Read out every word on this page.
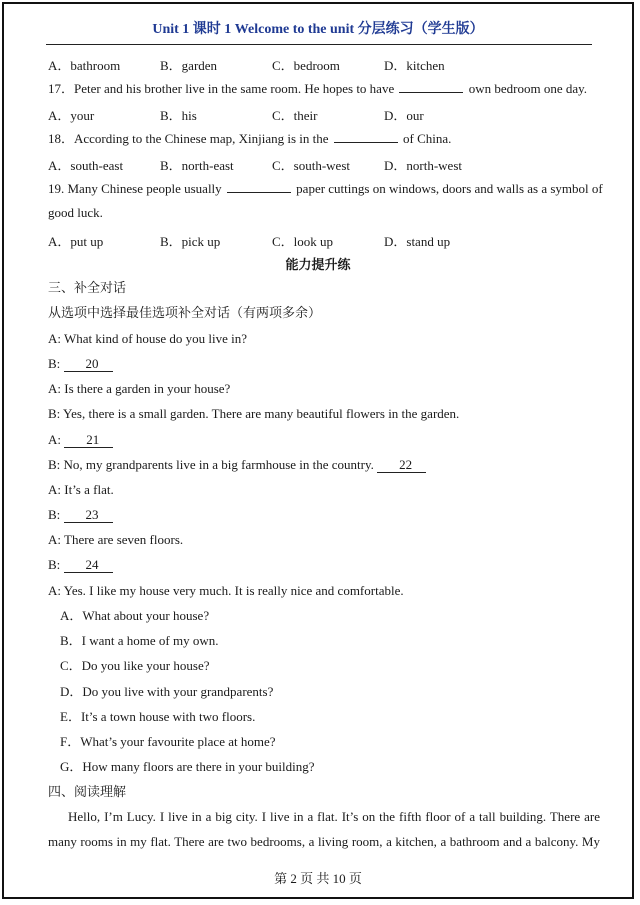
Unit 1 课时 1 Welcome to the unit 分层练习（学生版）
A．bathroom	B．garden	C．bedroom	D．kitchen
17．Peter and his brother live in the same room. He hopes to have	own bedroom one day.
A．your	B．his	C．their	D．our
18．According to the Chinese map, Xinjiang is in the	of China.
A．south-east	B．north-east	C．south-west	D．north-west
19. Many Chinese people usually	paper cuttings on windows, doors and walls as a symbol of
good luck.
A．put up	B．pick up	C．look up	D．stand up
能力提升练
三、补全对话
从选项中选择最佳选项补全对话（有两项多余）
A: What kind of house do you live in?
B: 20
A: Is there a garden in your house?
B: Yes, there is a small garden. There are many beautiful flowers in the garden.
A: 21
B: No, my grandparents live in a big farmhouse in the country. 22
A: It’s a flat.
B: 23
A: There are seven floors.
B: 24
A: Yes. I like my house very much. It is really nice and comfortable.
A．What about your house?
B．I want a home of my own.
C．Do you like your house?
D．Do you live with your grandparents?
E．It’s a town house with two floors.
F．What’s your favourite place at home?
G．How many floors are there in your building?
四、阅读理解
Hello, I’m Lucy. I live in a big city. I live in a flat. It’s on the fifth floor of a tall building. There are many rooms in my flat. There are two bedrooms, a living room, a kitchen, a bathroom and a balcony. My
第 2 页 共 10 页
